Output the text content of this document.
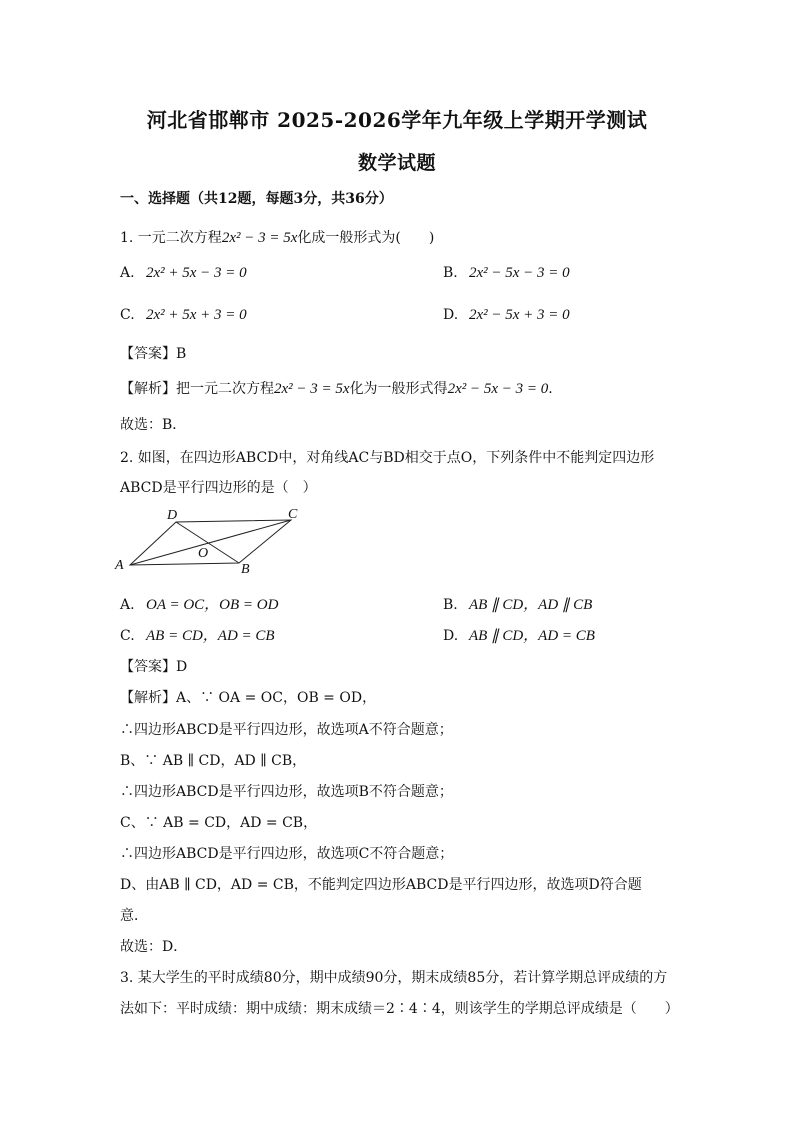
河北省邯郸市 2025-2026学年九年级上学期开学测试
数学试题
一、选择题（共12题，每题3分，共36分）
1. 一元二次方程2x² − 3 = 5x化成一般形式为(　　)
A. 2x² + 5x − 3 = 0	B. 2x² − 5x − 3 = 0
C. 2x² + 5x + 3 = 0	D. 2x² − 5x + 3 = 0
【答案】B
【解析】把一元二次方程2x² − 3 = 5x化为一般形式得2x² − 5x − 3 = 0.
故选：B．
2. 如图，在四边形ABCD中，对角线AC与BD相交于点O，下列条件中不能判定四边形
ABCD是平行四边形的是（　）
A	B
C
D
O
A. OA = OC，OB = OD	B. AB ∥ CD，AD ∥ CB
C. AB = CD，AD = CB	D. AB ∥ CD，AD = CB
【答案】D
【解析】A、∵ OA = OC，OB = OD，
∴四边形ABCD是平行四边形，故选项A不符合题意；
B、∵ AB ∥ CD，AD ∥ CB，
∴四边形ABCD是平行四边形，故选项B不符合题意；
C、∵ AB = CD，AD = CB，
∴四边形ABCD是平行四边形，故选项C不符合题意；
D、由AB ∥ CD，AD = CB，不能判定四边形ABCD是平行四边形，故选项D符合题
意．
故选：D．
3. 某大学生的平时成绩80分，期中成绩90分，期末成绩85分，若计算学期总评成绩的方
法如下：平时成绩：期中成绩：期末成绩＝2∶4∶4，则该学生的学期总评成绩是（　　）
